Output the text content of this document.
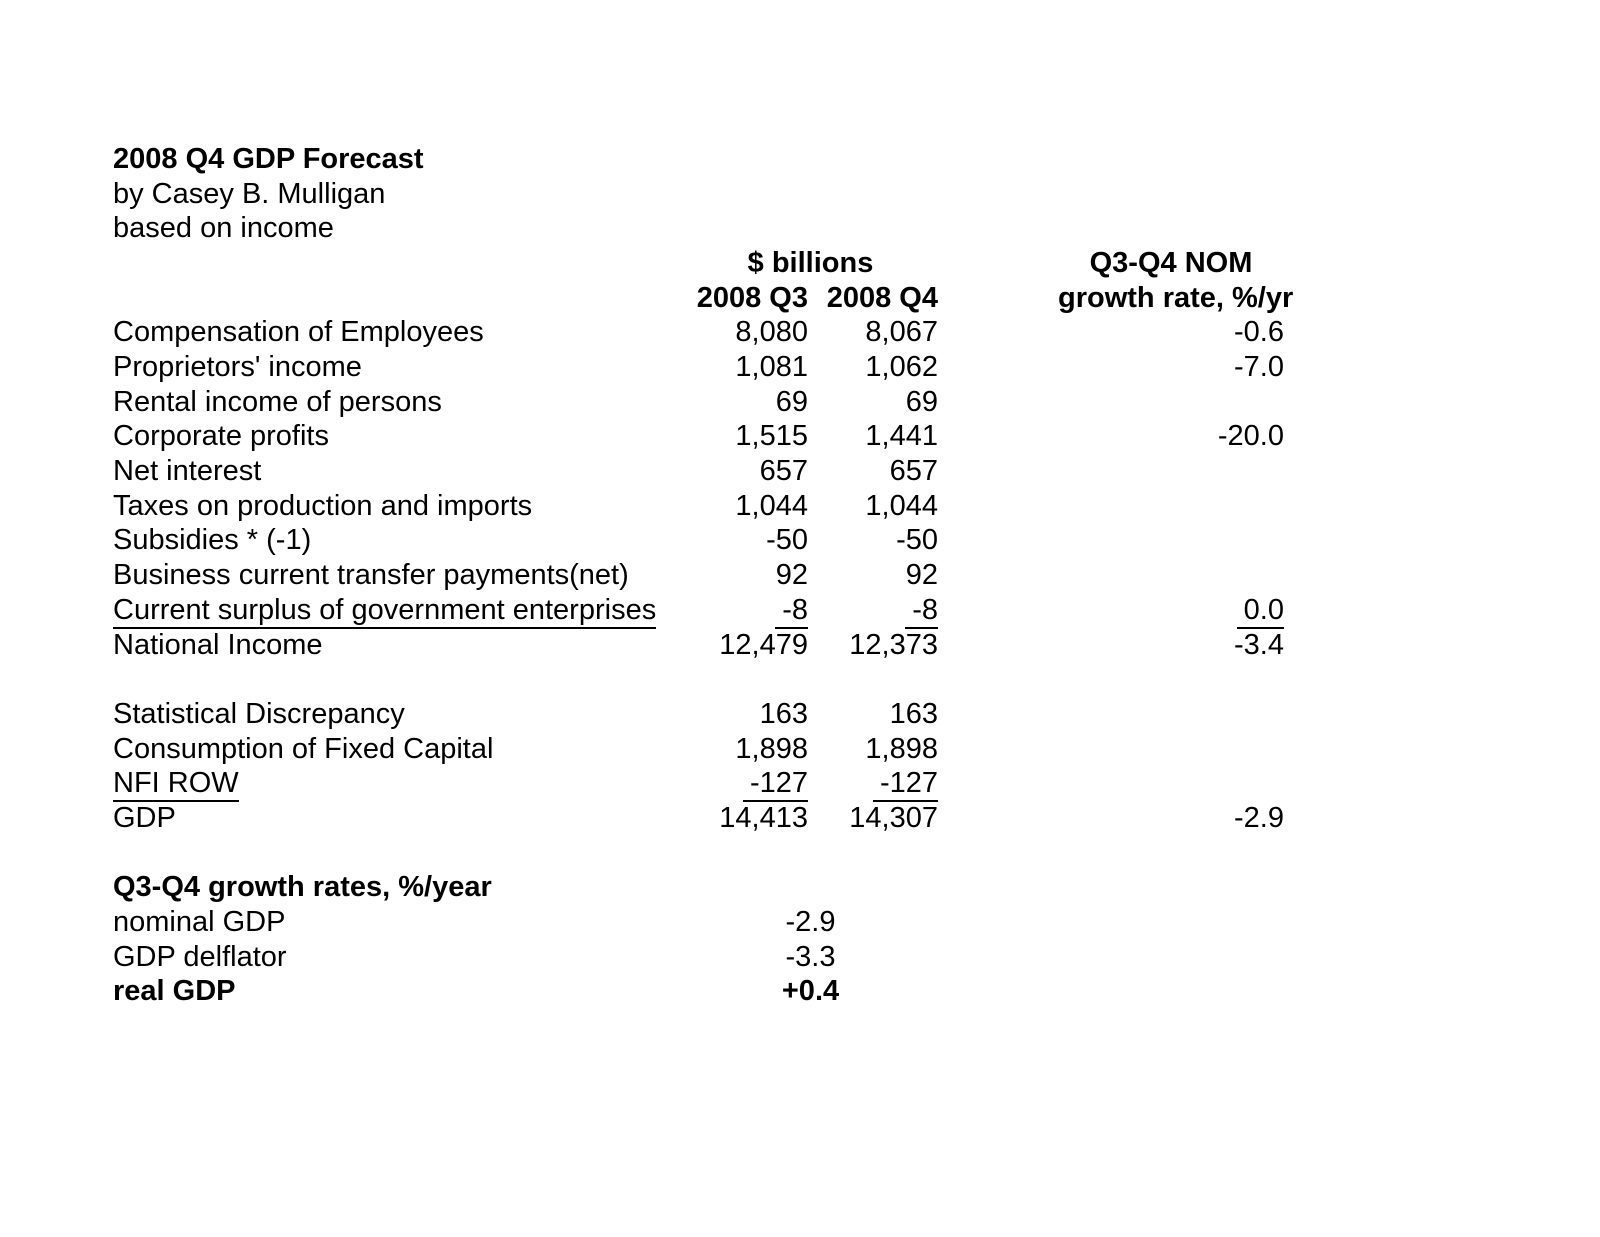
2008 Q4 GDP Forecast
by Casey B. Mulligan
based on income
	$ billions		Q3-Q4 NOM
	2008 Q3	2008 Q4	growth rate, %/yr
Compensation of Employees	8,080	8,067	-0.6
Proprietors' income	1,081	1,062	-7.0
Rental income of persons	69	69	
Corporate profits	1,515	1,441	-20.0
Net interest	657	657	
Taxes on production and imports	1,044	1,044	
Subsidies * (-1)	-50	-50	
Business current transfer payments(net)	92	92	
Current surplus of government enterprises	-8	-8	0.0
National Income	12,479	12,373	-3.4

Statistical Discrepancy	163	163	
Consumption of Fixed Capital	1,898	1,898	
NFI ROW	-127	-127	
GDP	14,413	14,307	-2.9

Q3-Q4 growth rates, %/year			
nominal GDP	-2.9		
GDP delflator	-3.3		
real GDP	+0.4		
